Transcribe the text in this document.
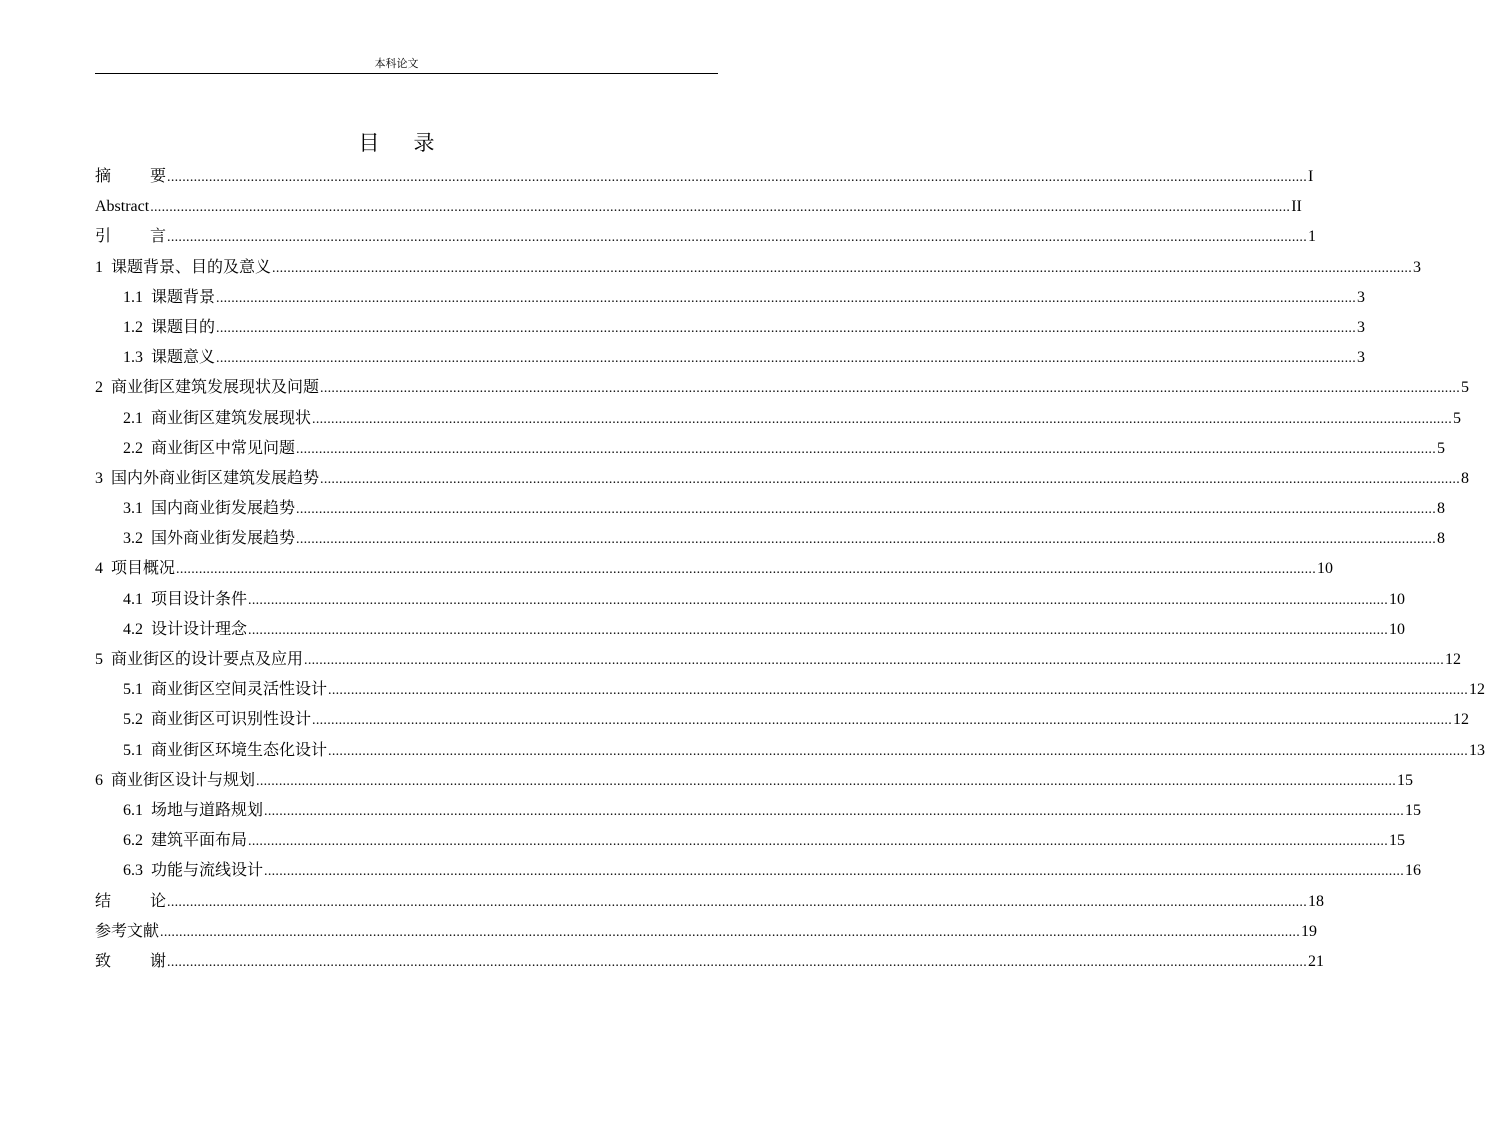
本科论文
目录
摘要 ............................................................................................................................................................................................................................................................................................................ I
Abstract ............................................................................................................................................................................................................................................................................................................ II
引言 ............................................................................................................................................................................................................................................................................................................ 1
1 课题背景、目的及意义 ............................................................................................................................................................................................................................................................................................................ 3
1.1 课题背景 ............................................................................................................................................................................................................................................................................................................ 3
1.2 课题目的 ............................................................................................................................................................................................................................................................................................................ 3
1.3 课题意义 ............................................................................................................................................................................................................................................................................................................ 3
2 商业街区建筑发展现状及问题 ............................................................................................................................................................................................................................................................................................................ 5
2.1 商业街区建筑发展现状 ............................................................................................................................................................................................................................................................................................................ 5
2.2 商业街区中常见问题 ............................................................................................................................................................................................................................................................................................................ 5
3 国内外商业街区建筑发展趋势 ............................................................................................................................................................................................................................................................................................................ 8
3.1 国内商业街发展趋势 ............................................................................................................................................................................................................................................................................................................ 8
3.2 国外商业街发展趋势 ............................................................................................................................................................................................................................................................................................................ 8
4 项目概况 ............................................................................................................................................................................................................................................................................................................ 10
4.1 项目设计条件 ............................................................................................................................................................................................................................................................................................................ 10
4.2 设计设计理念 ............................................................................................................................................................................................................................................................................................................ 10
5 商业街区的设计要点及应用 ............................................................................................................................................................................................................................................................................................................ 12
5.1 商业街区空间灵活性设计 ............................................................................................................................................................................................................................................................................................................ 12
5.2 商业街区可识别性设计 ............................................................................................................................................................................................................................................................................................................ 12
5.1 商业街区环境生态化设计 ............................................................................................................................................................................................................................................................................................................ 13
6 商业街区设计与规划 ............................................................................................................................................................................................................................................................................................................ 15
6.1 场地与道路规划 ............................................................................................................................................................................................................................................................................................................ 15
6.2 建筑平面布局 ............................................................................................................................................................................................................................................................................................................ 15
6.3 功能与流线设计 ............................................................................................................................................................................................................................................................................................................ 16
结论 ............................................................................................................................................................................................................................................................................................................ 18
参考文献 ............................................................................................................................................................................................................................................................................................................ 19
致谢 ............................................................................................................................................................................................................................................................................................................ 21
